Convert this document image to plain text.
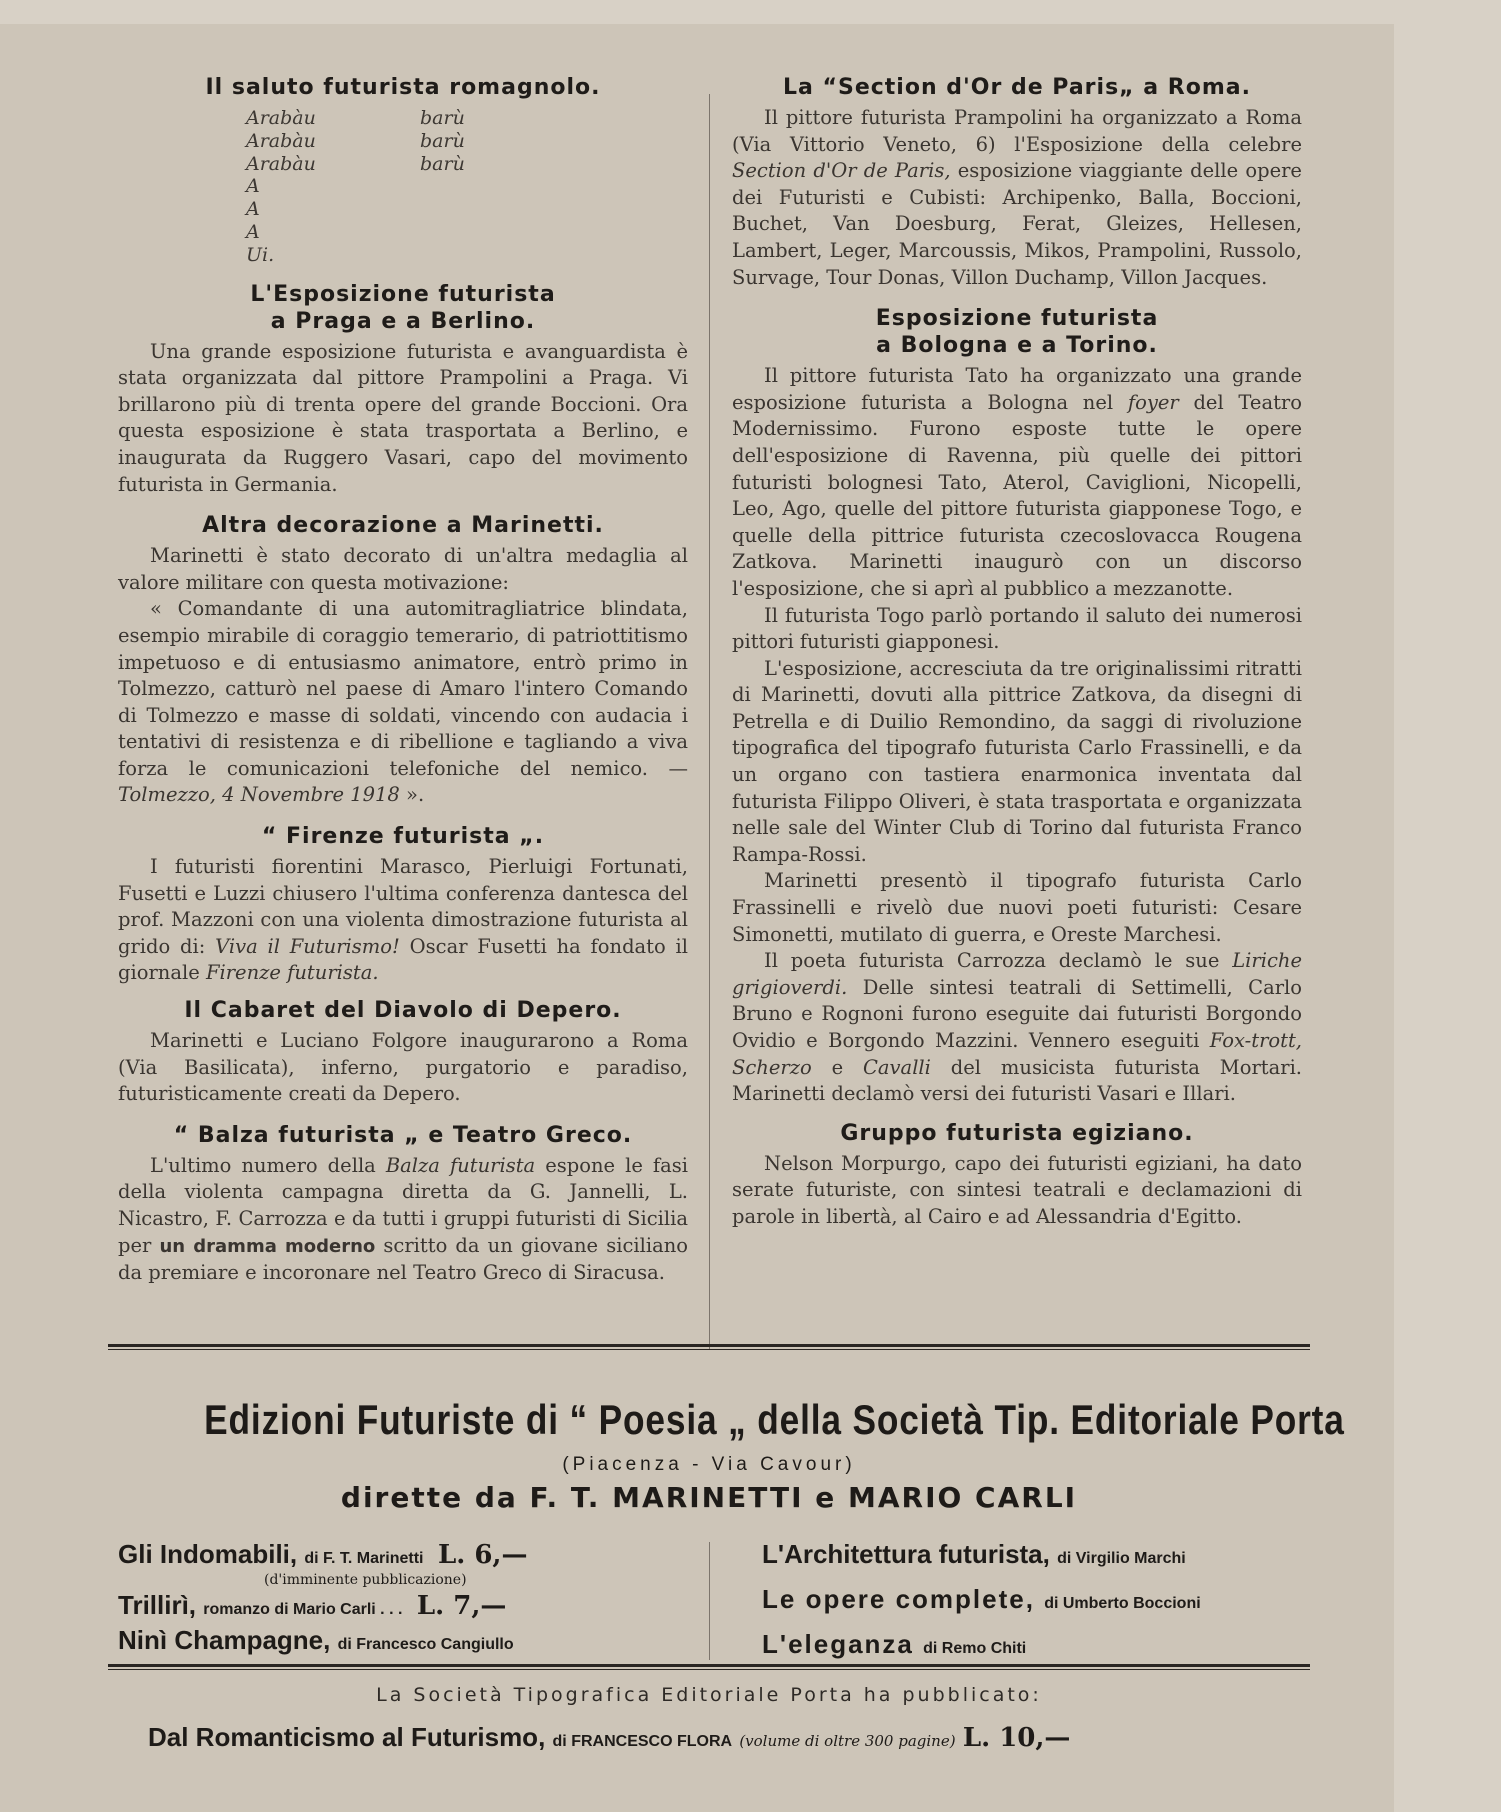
Il saluto futurista romagnolo.
Arabàu	barù
Arabàu	barù
Arabàu	barù
A
A
A
Ui.
L'Esposizione futurista
a Praga e a Berlino.

Una grande esposizione futurista e avanguardista è stata organizzata dal pittore Prampolini a Praga. Vi brillarono più di trenta opere del grande Boccioni. Ora questa esposizione è stata trasportata a Berlino, e inaugurata da Ruggero Vasari, capo del movimento futurista in Germania.

Altra decorazione a Marinetti.

Marinetti è stato decorato di un'altra medaglia al valore militare con questa motivazione:

« Comandante di una automitragliatrice blindata, esempio mirabile di coraggio temerario, di patriottitismo impetuoso e di entusiasmo animatore, entrò primo in Tolmezzo, catturò nel paese di Amaro l'intero Comando di Tolmezzo e masse di soldati, vincendo con audacia i tentativi di resistenza e di ribellione e tagliando a viva forza le comunicazioni telefoniche del nemico. — Tolmezzo, 4 Novembre 1918 ».

“ Firenze futurista „.

I futuristi fiorentini Marasco, Pierluigi Fortunati, Fusetti e Luzzi chiusero l'ultima conferenza dantesca del prof. Mazzoni con una violenta dimostrazione futurista al grido di: Viva il Futurismo! Oscar Fusetti ha fondato il giornale Firenze futurista.

Il Cabaret del Diavolo di Depero.

Marinetti e Luciano Folgore inaugurarono a Roma (Via Basilicata), inferno, purgatorio e paradiso, futuristicamente creati da Depero.

“ Balza futurista „ e Teatro Greco.

L'ultimo numero della Balza futurista espone le fasi della violenta campagna diretta da G. Jannelli, L. Nicastro, F. Carrozza e da tutti i gruppi futuristi di Sicilia per un dramma moderno scritto da un giovane siciliano da premiare e incoronare nel Teatro Greco di Siracusa.

La “Section d'Or de Paris„ a Roma.

Il pittore futurista Prampolini ha organizzato a Roma (Via Vittorio Veneto, 6) l'Esposizione della celebre Section d'Or de Paris, esposizione viaggiante delle opere dei Futuristi e Cubisti: Archipenko, Balla, Boccioni, Buchet, Van Doesburg, Ferat, Gleizes, Hellesen, Lambert, Leger, Marcoussis, Mikos, Prampolini, Russolo, Survage, Tour Donas, Villon Duchamp, Villon Jacques.

Esposizione futurista
a Bologna e a Torino.

Il pittore futurista Tato ha organizzato una grande esposizione futurista a Bologna nel foyer del Teatro Modernissimo. Furono esposte tutte le opere dell'esposizione di Ravenna, più quelle dei pittori futuristi bolognesi Tato, Aterol, Caviglioni, Nicopelli, Leo, Ago, quelle del pittore futurista giapponese Togo, e quelle della pittrice futurista czecoslovacca Rougena Zatkova. Marinetti inaugurò con un discorso l'esposizione, che si aprì al pubblico a mezzanotte.

Il futurista Togo parlò portando il saluto dei numerosi pittori futuristi giapponesi.

L'esposizione, accresciuta da tre originalissimi ritratti di Marinetti, dovuti alla pittrice Zatkova, da disegni di Petrella e di Duilio Remondino, da saggi di rivoluzione tipografica del tipografo futurista Carlo Frassinelli, e da un organo con tastiera enarmonica inventata dal futurista Filippo Oliveri, è stata trasportata e organizzata nelle sale del Winter Club di Torino dal futurista Franco Rampa-Rossi.

Marinetti presentò il tipografo futurista Carlo Frassinelli e rivelò due nuovi poeti futuristi: Cesare Simonetti, mutilato di guerra, e Oreste Marchesi.

Il poeta futurista Carrozza declamò le sue Liriche grigioverdi. Delle sintesi teatrali di Settimelli, Carlo Bruno e Rognoni furono eseguite dai futuristi Borgondo Ovidio e Borgondo Mazzini. Vennero eseguiti Fox-trott, Scherzo e Cavalli del musicista futurista Mortari. Marinetti declamò versi dei futuristi Vasari e Illari.

Gruppo futurista egiziano.

Nelson Morpurgo, capo dei futuristi egiziani, ha dato serate futuriste, con sintesi teatrali e declamazioni di parole in libertà, al Cairo e ad Alessandria d'Egitto.

Edizioni Futuriste di “ Poesia „ della Società Tip. Editoriale Porta
(Piacenza - Via Cavour)
dirette da F. T. MARINETTI e MARIO CARLI
Gli Indomabili, di F. T. Marinetti L. 6,—
(d'imminente pubblicazione)
Trillirì, romanzo di Mario Carli . . . L. 7,—
Ninì Champagne, di Francesco Cangiullo
L'Architettura futurista, di Virgilio Marchi
Le opere complete, di Umberto Boccioni
L'eleganza di Remo Chiti
La Società Tipografica Editoriale Porta ha pubblicato:
Dal Romanticismo al Futurismo, di FRANCESCO FLORA (volume di oltre 300 pagine) L. 10,—
